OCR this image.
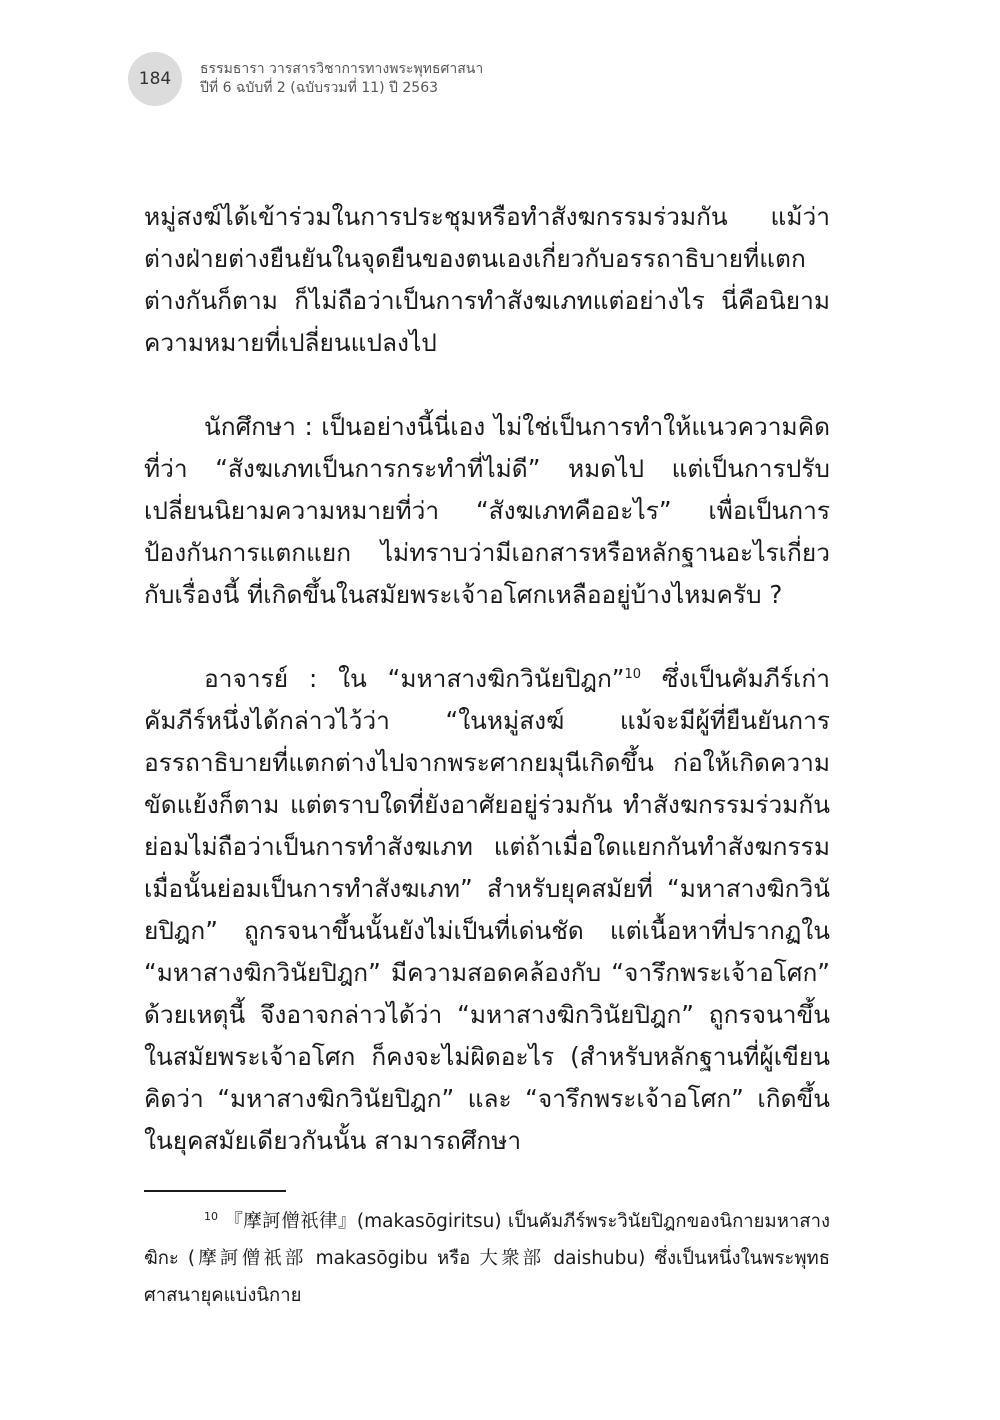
184 ธรรมธารา วารสารวิชาการทางพระพุทธศาสนา
ปีที่ 6 ฉบับที่ 2 (ฉบับรวมที่ 11) ปี 2563

หมู่สงฆ์ได้เข้าร่วมในการประชุมหรือทำสังฆกรรมร่วมกัน แม้ว่าต่างฝ่ายต่างยืนยันในจุดยืนของตนเองเกี่ยวกับอรรถาธิบายที่แตกต่างกันก็ตาม ก็ไม่ถือว่าเป็นการทำสังฆเภทแต่อย่างไร นี่คือนิยามความหมายที่เปลี่ยนแปลงไป

นักศึกษา : เป็นอย่างนี้นี่เอง ไม่ใช่เป็นการทำให้แนวความคิดที่ว่า “สังฆเภทเป็นการกระทำที่ไม่ดี” หมดไป แต่เป็นการปรับเปลี่ยนนิยามความหมายที่ว่า “สังฆเภทคืออะไร” เพื่อเป็นการป้องกันการแตกแยก ไม่ทราบว่ามีเอกสารหรือหลักฐานอะไรเกี่ยวกับเรื่องนี้ ที่เกิดขึ้นในสมัยพระเจ้าอโศกเหลืออยู่บ้างไหมครับ ?

อาจารย์ : ใน “มหาสางฆิกวินัยปิฎก”$^{10}$ ซึ่งเป็นคัมภีร์เก่าคัมภีร์หนึ่งได้กล่าวไว้ว่า “ในหมู่สงฆ์ แม้จะมีผู้ที่ยืนยันการอรรถาธิบายที่แตกต่างไปจากพระศากยมุนีเกิดขึ้น ก่อให้เกิดความขัดแย้งก็ตาม แต่ตราบใดที่ยังอาศัยอยู่ร่วมกัน ทำสังฆกรรมร่วมกัน ย่อมไม่ถือว่าเป็นการทำสังฆเภท แต่ถ้าเมื่อใดแยกกันทำสังฆกรรม เมื่อนั้นย่อมเป็นการทำสังฆเภท” สำหรับยุคสมัยที่ “มหาสางฆิกวินัยปิฎก” ถูกรจนาขึ้นนั้นยังไม่เป็นที่เด่นชัด แต่เนื้อหาที่ปรากฏใน “มหาสางฆิกวินัยปิฎก” มีความสอดคล้องกับ “จารึกพระเจ้าอโศก” ด้วยเหตุนี้ จึงอาจกล่าวได้ว่า “มหาสางฆิกวินัยปิฎก” ถูกรจนาขึ้นในสมัยพระเจ้าอโศก ก็คงจะไม่ผิดอะไร (สำหรับหลักฐานที่ผู้เขียนคิดว่า “มหาสางฆิกวินัยปิฎก” และ “จารึกพระเจ้าอโศก” เกิดขึ้นในยุคสมัยเดียวกันนั้น สามารถศึกษา

$^{10}$ 『摩訶僧祇律』(makasōgiritsu) เป็นคัมภีร์พระวินัยปิฎกของนิกายมหาสางฆิกะ (摩訶僧祇部 makasōgibu หรือ 大衆部 daishubu) ซึ่งเป็นหนึ่งในพระพุทธศาสนายุคแบ่งนิกาย
